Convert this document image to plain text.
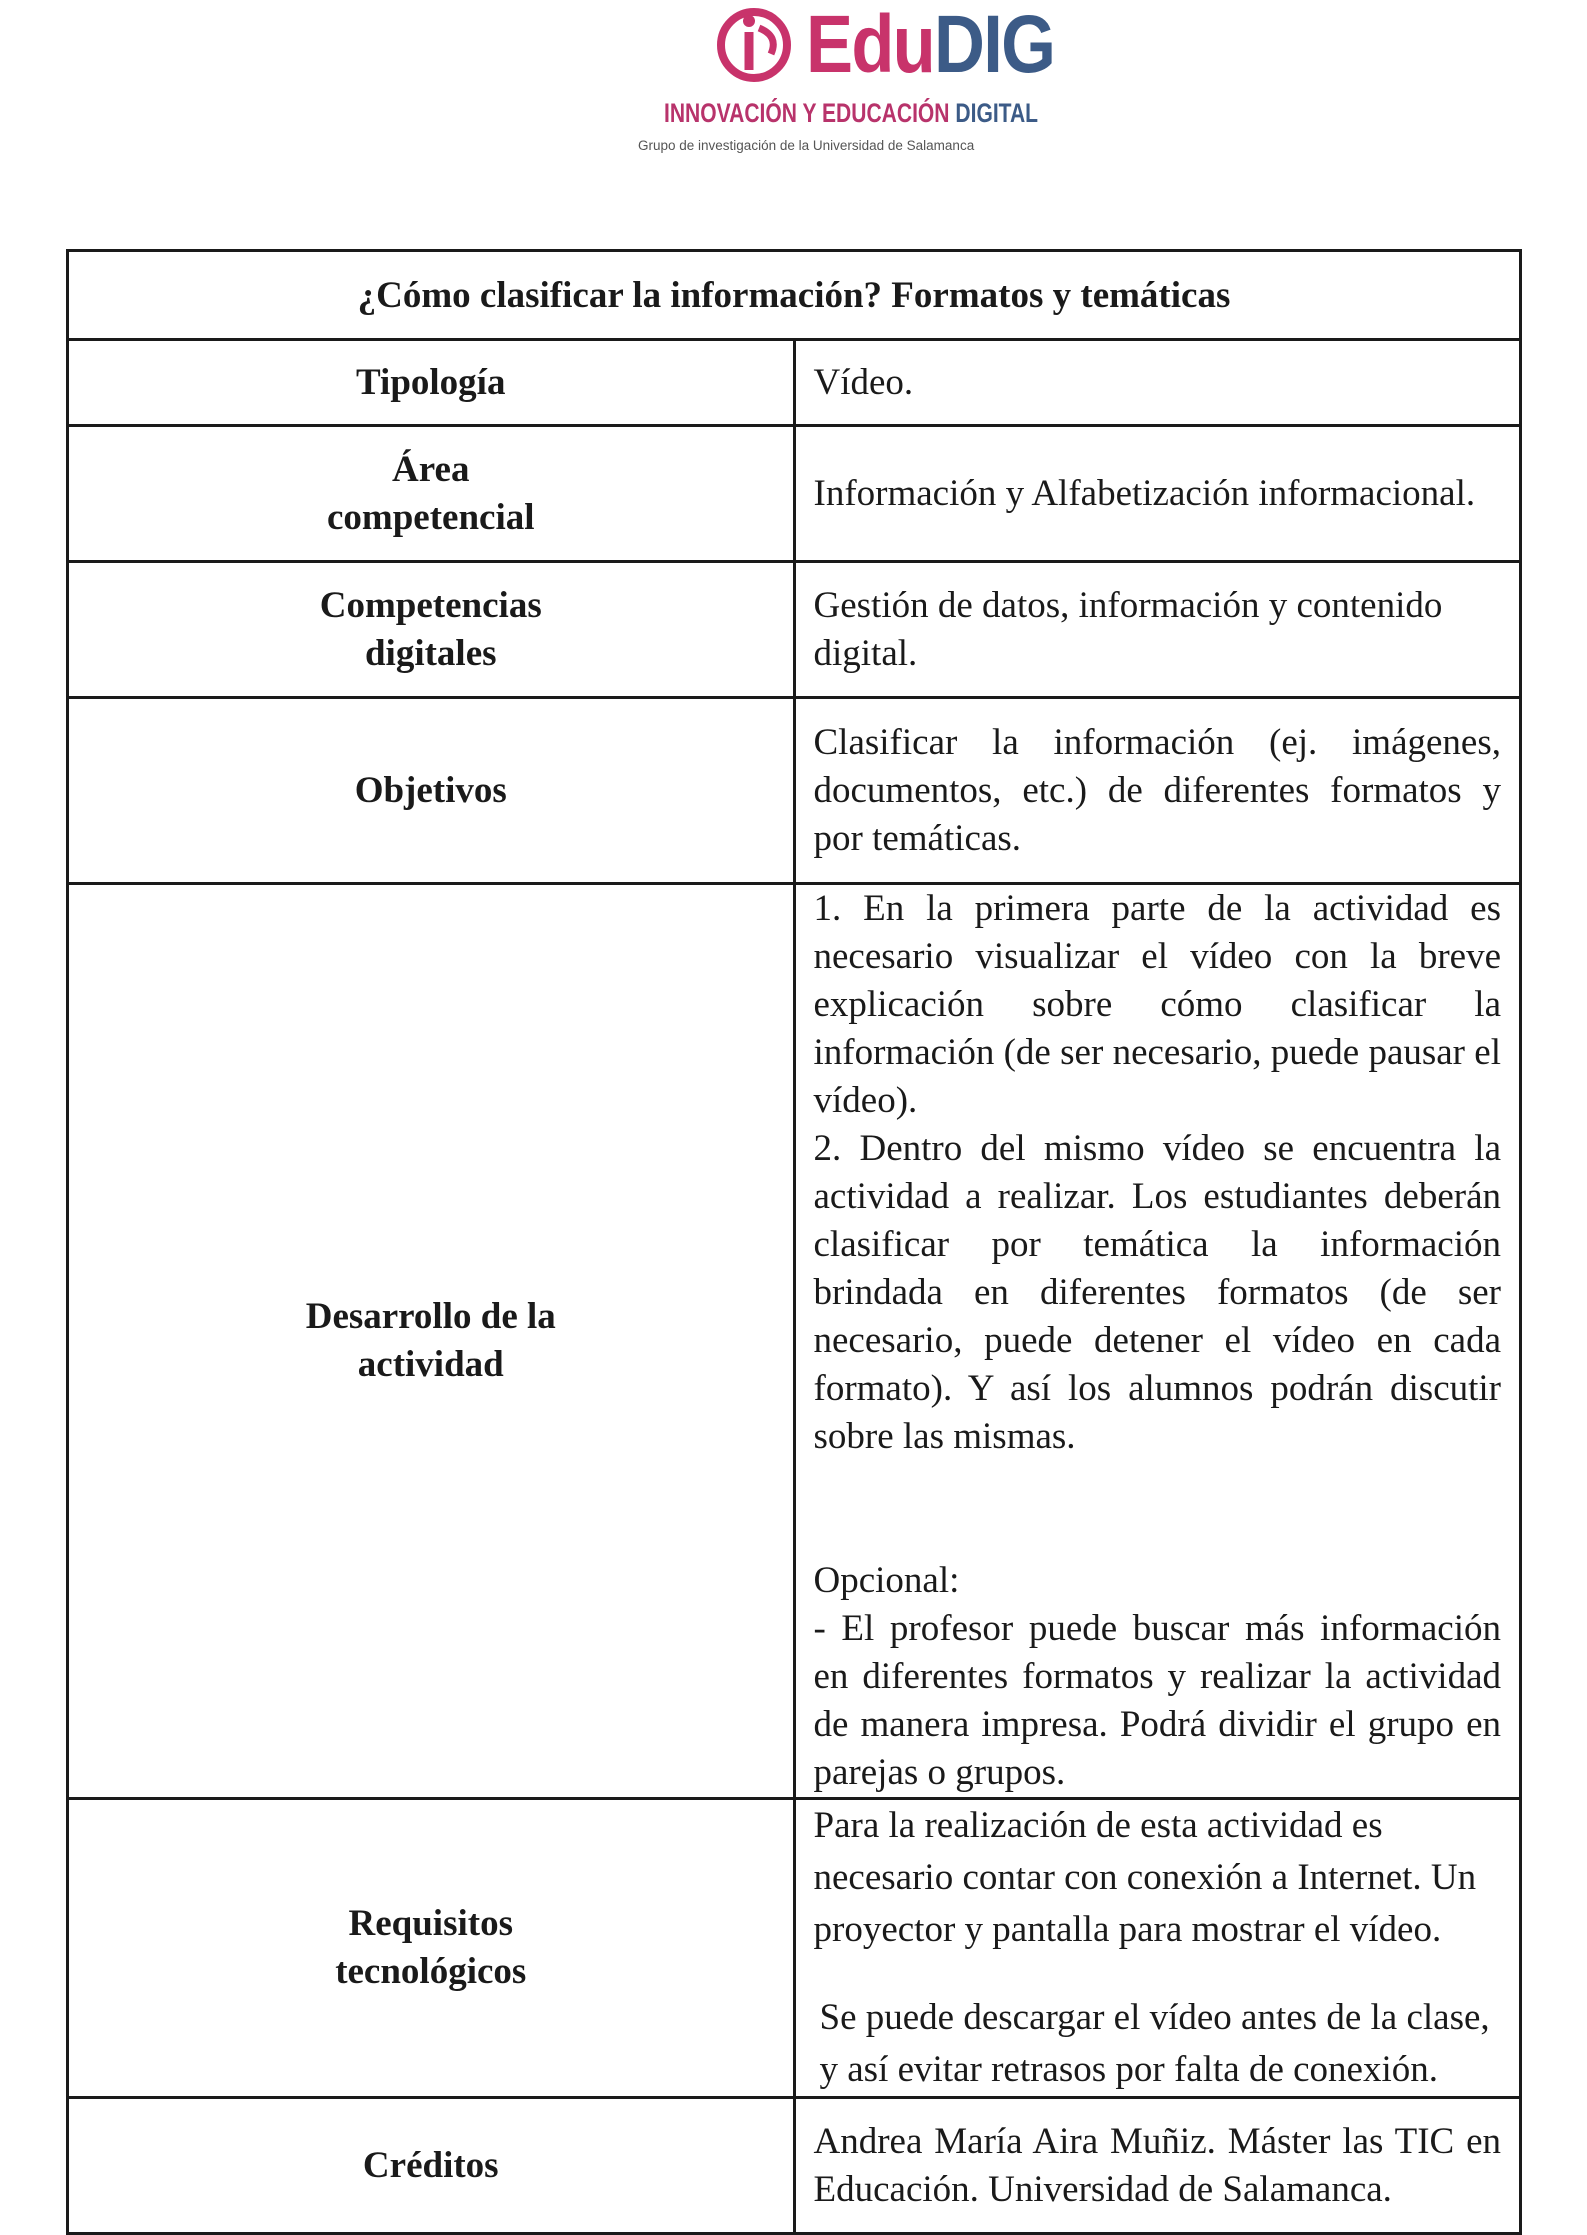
EduDIG
INNOVACIÓN Y EDUCACIÓN DIGITAL
Grupo de investigación de la Universidad de Salamanca
¿Cómo clasificar la información? Formatos y temáticas	
Tipología	Vídeo.

Área
competencial	Información y Alfabetización informacional.

Competencias
digitales	Gestión de datos, información y contenido digital.
Objetivos	Clasificar la información (ej. imágenes, documentos, etc.) de diferentes formatos y por temáticas.

Desarrollo de la
actividad	1. En la primera parte de la actividad es necesario visualizar el vídeo con la breve explicación sobre cómo clasificar la información (de ser necesario, puede pausar el vídeo).
2. Dentro del mismo vídeo se encuentra la actividad a realizar. Los estudiantes deberán clasificar por temática la información brindada en diferentes formatos (de ser necesario, puede detener el vídeo en cada formato). Y así los alumnos podrán discutir sobre las mismas.
Opcional:
- El profesor puede buscar más información en diferentes formatos y realizar la actividad de manera impresa. Podrá dividir el grupo en parejas o grupos.

Requisitos
tecnológicos	Para la realización de esta actividad es necesario contar con conexión a Internet. Un proyector y pantalla para mostrar el vídeo.
Se puede descargar el vídeo antes de la clase, y así evitar retrasos por falta de conexión.

Créditos	Andrea María Aira Muñiz. Máster las TIC en Educación. Universidad de Salamanca.
